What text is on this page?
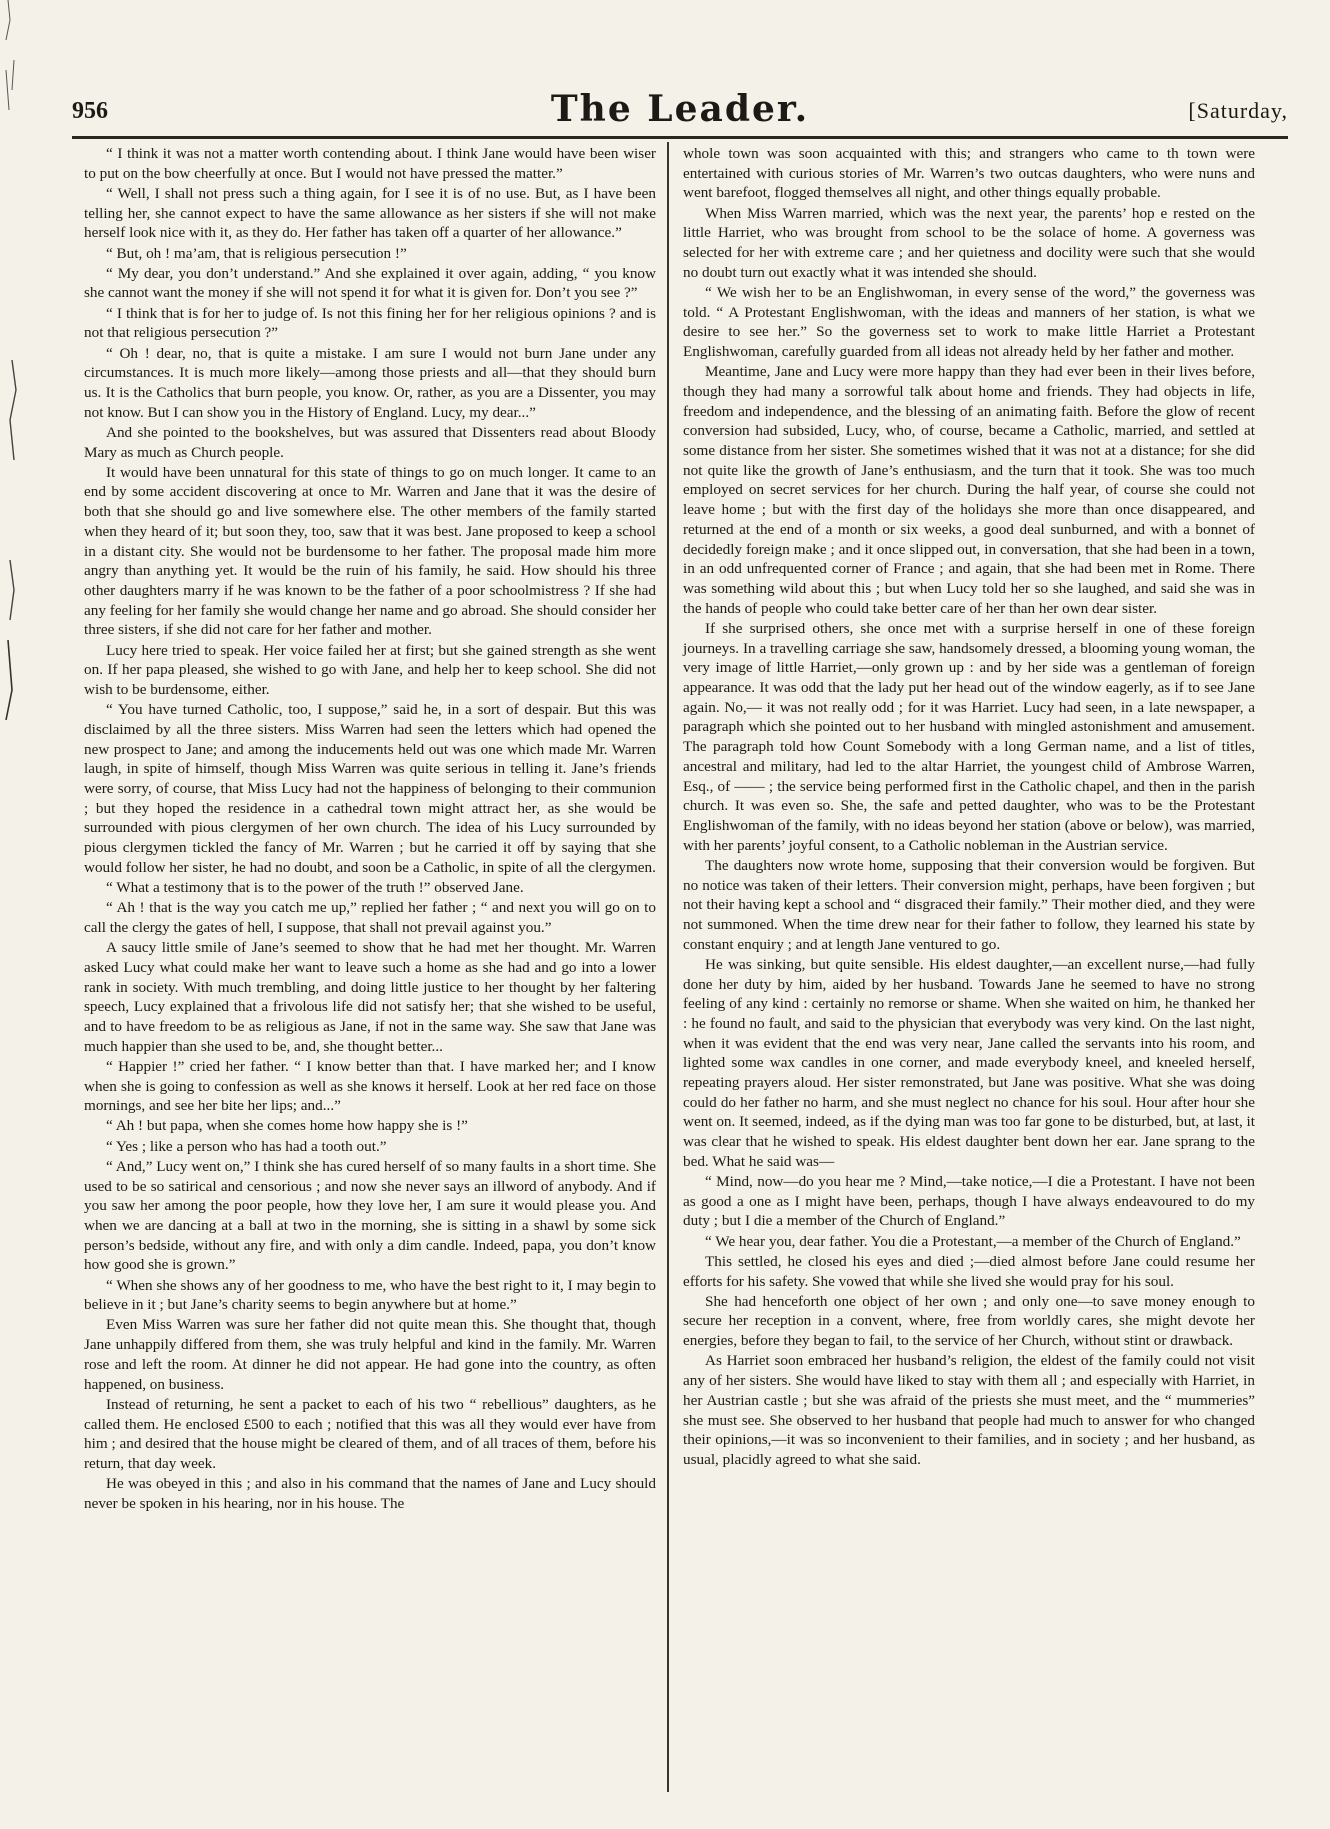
956	The Leader.	[Saturday,

“ I think it was not a matter worth contending about. I think Jane would have been wiser to put on the bow cheerfully at once. But I would not have pressed the matter.”

“ Well, I shall not press such a thing again, for I see it is of no use. But, as I have been telling her, she cannot expect to have the same allowance as her sisters if she will not make herself look nice with it, as they do. Her father has taken off a quarter of her allowance.”

“ But, oh ! ma’am, that is religious persecution !”

“ My dear, you don’t understand.” And she explained it over again, adding, “ you know she cannot want the money if she will not spend it for what it is given for. Don’t you see ?”

“ I think that is for her to judge of. Is not this fining her for her religious opinions ? and is not that religious persecution ?”

“ Oh ! dear, no, that is quite a mistake. I am sure I would not burn Jane under any circumstances. It is much more likely—among those priests and all—that they should burn us. It is the Catholics that burn people, you know. Or, rather, as you are a Dissenter, you may not know. But I can show you in the History of England. Lucy, my dear...”

And she pointed to the bookshelves, but was assured that Dissenters read about Bloody Mary as much as Church people.

It would have been unnatural for this state of things to go on much longer. It came to an end by some accident discovering at once to Mr. Warren and Jane that it was the desire of both that she should go and live somewhere else. The other members of the family started when they heard of it; but soon they, too, saw that it was best. Jane proposed to keep a school in a distant city. She would not be burdensome to her father. The proposal made him more angry than anything yet. It would be the ruin of his family, he said. How should his three other daughters marry if he was known to be the father of a poor schoolmistress ? If she had any feeling for her family she would change her name and go abroad. She should consider her three sisters, if she did not care for her father and mother.

Lucy here tried to speak. Her voice failed her at first; but she gained strength as she went on. If her papa pleased, she wished to go with Jane, and help her to keep school. She did not wish to be burdensome, either.

“ You have turned Catholic, too, I suppose,” said he, in a sort of despair. But this was disclaimed by all the three sisters. Miss Warren had seen the letters which had opened the new prospect to Jane; and among the inducements held out was one which made Mr. Warren laugh, in spite of himself, though Miss Warren was quite serious in telling it. Jane’s friends were sorry, of course, that Miss Lucy had not the happiness of belonging to their communion ; but they hoped the residence in a cathedral town might attract her, as she would be surrounded with pious clergymen of her own church. The idea of his Lucy surrounded by pious clergymen tickled the fancy of Mr. Warren ; but he carried it off by saying that she would follow her sister, he had no doubt, and soon be a Catholic, in spite of all the clergymen.

“ What a testimony that is to the power of the truth !” observed Jane.

“ Ah ! that is the way you catch me up,” replied her father ; “ and next you will go on to call the clergy the gates of hell, I suppose, that shall not prevail against you.”

A saucy little smile of Jane’s seemed to show that he had met her thought. Mr. Warren asked Lucy what could make her want to leave such a home as she had and go into a lower rank in society. With much trembling, and doing little justice to her thought by her faltering speech, Lucy explained that a frivolous life did not satisfy her; that she wished to be useful, and to have freedom to be as religious as Jane, if not in the same way. She saw that Jane was much happier than she used to be, and, she thought better...

“ Happier !” cried her father. “ I know better than that. I have marked her; and I know when she is going to confession as well as she knows it herself. Look at her red face on those mornings, and see her bite her lips; and...”

“ Ah ! but papa, when she comes home how happy she is !”

“ Yes ; like a person who has had a tooth out.”

“ And,” Lucy went on,” I think she has cured herself of so many faults in a short time. She used to be so satirical and censorious ; and now she never says an illword of anybody. And if you saw her among the poor people, how they love her, I am sure it would please you. And when we are dancing at a ball at two in the morning, she is sitting in a shawl by some sick person’s bedside, without any fire, and with only a dim candle. Indeed, papa, you don’t know how good she is grown.”

“ When she shows any of her goodness to me, who have the best right to it, I may begin to believe in it ; but Jane’s charity seems to begin anywhere but at home.”

Even Miss Warren was sure her father did not quite mean this. She thought that, though Jane unhappily differed from them, she was truly helpful and kind in the family. Mr. Warren rose and left the room. At dinner he did not appear. He had gone into the country, as often happened, on business.

Instead of returning, he sent a packet to each of his two “ rebellious” daughters, as he called them. He enclosed £500 to each ; notified that this was all they would ever have from him ; and desired that the house might be cleared of them, and of all traces of them, before his return, that day week.

He was obeyed in this ; and also in his command that the names of Jane and Lucy should never be spoken in his hearing, nor in his house. The

whole town was soon acquainted with this; and strangers who came to th town were entertained with curious stories of Mr. Warren’s two outcas daughters, who were nuns and went barefoot, flogged themselves all night, and other things equally probable.

When Miss Warren married, which was the next year, the parents’ hop e rested on the little Harriet, who was brought from school to be the solace of home. A governess was selected for her with extreme care ; and her quietness and docility were such that she would no doubt turn out exactly what it was intended she should.

“ We wish her to be an Englishwoman, in every sense of the word,” the governess was told. “ A Protestant Englishwoman, with the ideas and manners of her station, is what we desire to see her.” So the governess set to work to make little Harriet a Protestant Englishwoman, carefully guarded from all ideas not already held by her father and mother.

Meantime, Jane and Lucy were more happy than they had ever been in their lives before, though they had many a sorrowful talk about home and friends. They had objects in life, freedom and independence, and the blessing of an animating faith. Before the glow of recent conversion had subsided, Lucy, who, of course, became a Catholic, married, and settled at some distance from her sister. She sometimes wished that it was not at a distance; for she did not quite like the growth of Jane’s enthusiasm, and the turn that it took. She was too much employed on secret services for her church. During the half year, of course she could not leave home ; but with the first day of the holidays she more than once disappeared, and returned at the end of a month or six weeks, a good deal sunburned, and with a bonnet of decidedly foreign make ; and it once slipped out, in conversation, that she had been in a town, in an odd unfrequented corner of France ; and again, that she had been met in Rome. There was something wild about this ; but when Lucy told her so she laughed, and said she was in the hands of people who could take better care of her than her own dear sister.

If she surprised others, she once met with a surprise herself in one of these foreign journeys. In a travelling carriage she saw, handsomely dressed, a blooming young woman, the very image of little Harriet,—only grown up : and by her side was a gentleman of foreign appearance. It was odd that the lady put her head out of the window eagerly, as if to see Jane again. No,— it was not really odd ; for it was Harriet. Lucy had seen, in a late newspaper, a paragraph which she pointed out to her husband with mingled astonishment and amusement. The paragraph told how Count Somebody with a long German name, and a list of titles, ancestral and military, had led to the altar Harriet, the youngest child of Ambrose Warren, Esq., of —— ; the service being performed first in the Catholic chapel, and then in the parish church. It was even so. She, the safe and petted daughter, who was to be the Protestant Englishwoman of the family, with no ideas beyond her station (above or below), was married, with her parents’ joyful consent, to a Catholic nobleman in the Austrian service.

The daughters now wrote home, supposing that their conversion would be forgiven. But no notice was taken of their letters. Their conversion might, perhaps, have been forgiven ; but not their having kept a school and “ disgraced their family.” Their mother died, and they were not summoned. When the time drew near for their father to follow, they learned his state by constant enquiry ; and at length Jane ventured to go.

He was sinking, but quite sensible. His eldest daughter,—an excellent nurse,—had fully done her duty by him, aided by her husband. Towards Jane he seemed to have no strong feeling of any kind : certainly no remorse or shame. When she waited on him, he thanked her : he found no fault, and said to the physician that everybody was very kind. On the last night, when it was evident that the end was very near, Jane called the servants into his room, and lighted some wax candles in one corner, and made everybody kneel, and kneeled herself, repeating prayers aloud. Her sister remonstrated, but Jane was positive. What she was doing could do her father no harm, and she must neglect no chance for his soul. Hour after hour she went on. It seemed, indeed, as if the dying man was too far gone to be disturbed, but, at last, it was clear that he wished to speak. His eldest daughter bent down her ear. Jane sprang to the bed. What he said was—

“ Mind, now—do you hear me ? Mind,—take notice,—I die a Protestant. I have not been as good a one as I might have been, perhaps, though I have always endeavoured to do my duty ; but I die a member of the Church of England.”

“ We hear you, dear father. You die a Protestant,—a member of the Church of England.”

This settled, he closed his eyes and died ;—died almost before Jane could resume her efforts for his safety. She vowed that while she lived she would pray for his soul.

She had henceforth one object of her own ; and only one—to save money enough to secure her reception in a convent, where, free from worldly cares, she might devote her energies, before they began to fail, to the service of her Church, without stint or drawback.

As Harriet soon embraced her husband’s religion, the eldest of the family could not visit any of her sisters. She would have liked to stay with them all ; and especially with Harriet, in her Austrian castle ; but she was afraid of the priests she must meet, and the “ mummeries” she must see. She observed to her husband that people had much to answer for who changed their opinions,—it was so inconvenient to their families, and in society ; and her husband, as usual, placidly agreed to what she said.
